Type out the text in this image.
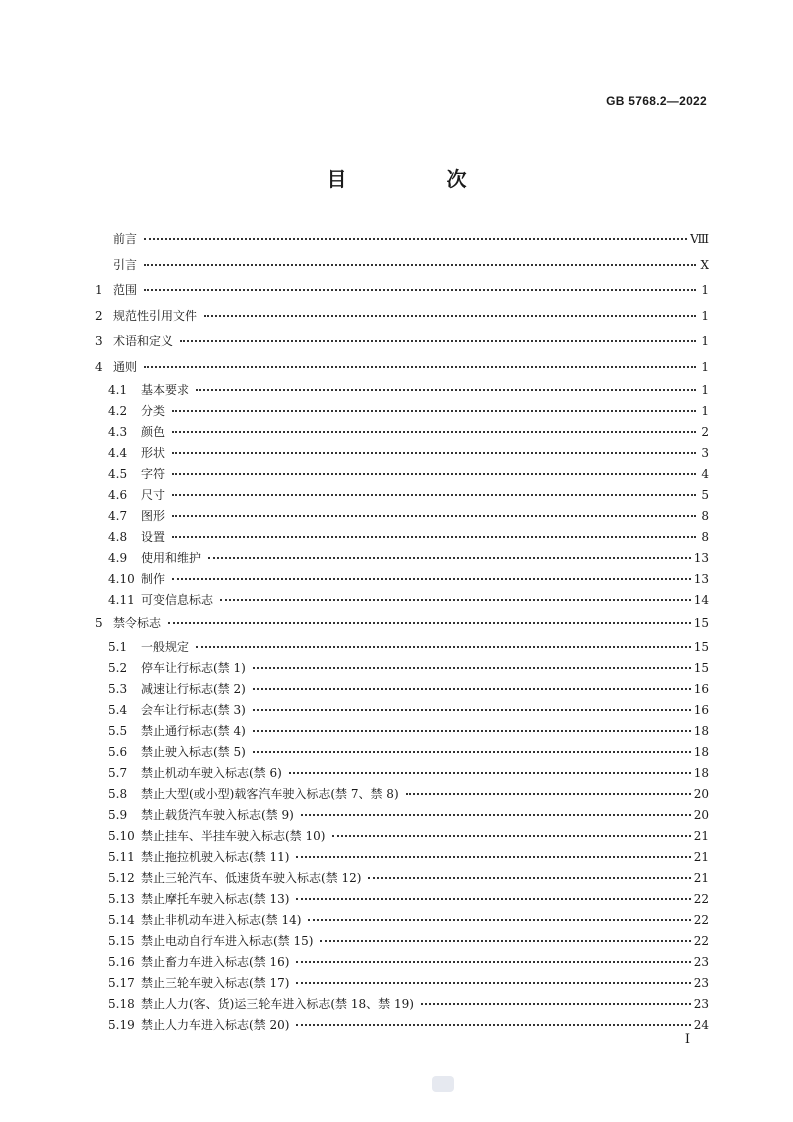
GB 5768.2—2022
目　次
前言	Ⅷ
引言	Ⅹ
1 范围	1
2 规范性引用文件	1
3 术语和定义	1
4 通则	1
4.1	基本要求	1
4.2	分类	1
4.3	颜色	2
4.4	形状	3
4.5	字符	4
4.6	尺寸	5
4.7	图形	8
4.8	设置	8
4.9	使用和维护	13
4.10 制作	13
4.11 可变信息标志	14
5 禁令标志	15
5.1	一般规定	15
5.2	停车让行标志(禁 1)	15
5.3	减速让行标志(禁 2)	16
5.4	会车让行标志(禁 3)	16
5.5	禁止通行标志(禁 4)	18
5.6	禁止驶入标志(禁 5)	18
5.7	禁止机动车驶入标志(禁 6)	18
5.8	禁止大型(或小型)载客汽车驶入标志(禁 7、禁 8)	20
5.9	禁止载货汽车驶入标志(禁 9)	20
5.10 禁止挂车、半挂车驶入标志(禁 10)	21
5.11 禁止拖拉机驶入标志(禁 11)	21
5.12 禁止三轮汽车、低速货车驶入标志(禁 12)	21
5.13 禁止摩托车驶入标志(禁 13)	22
5.14 禁止非机动车进入标志(禁 14)	22
5.15 禁止电动自行车进入标志(禁 15)	22
5.16 禁止畜力车进入标志(禁 16)	23
5.17 禁止三轮车驶入标志(禁 17)	23
5.18 禁止人力(客、货)运三轮车进入标志(禁 18、禁 19)	23
5.19 禁止人力车进入标志(禁 20)	24
I
